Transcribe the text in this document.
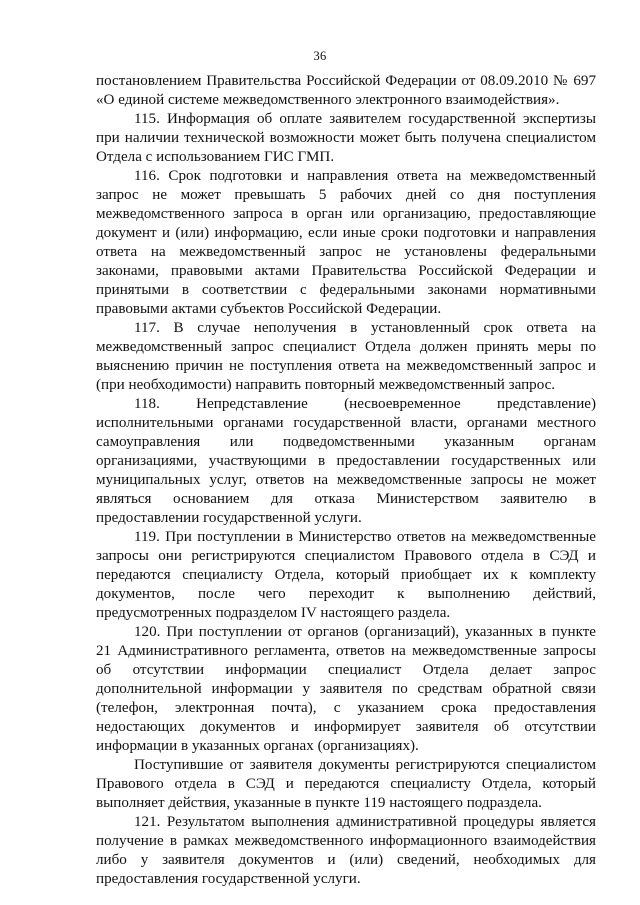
36

постановлением Правительства Российской Федерации от 08.09.2010 № 697 «О единой системе межведомственного электронного взаимодействия».

115. Информация об оплате заявителем государственной экспертизы при наличии технической возможности может быть получена специалистом Отдела с использованием ГИС ГМП.

116. Срок подготовки и направления ответа на межведомственный запрос не может превышать 5 рабочих дней со дня поступления межведомственного запроса в орган или организацию, предоставляющие документ и (или) информацию, если иные сроки подготовки и направления ответа на межведомственный запрос не установлены федеральными законами, правовыми актами Правительства Российской Федерации и принятыми в соответствии с федеральными законами нормативными правовыми актами субъектов Российской Федерации.

117. В случае неполучения в установленный срок ответа на межведомственный запрос специалист Отдела должен принять меры по выяснению причин не поступления ответа на межведомственный запрос и (при необходимости) направить повторный межведомственный запрос.

118. Непредставление (несвоевременное представление) исполнительными органами государственной власти, органами местного самоуправления или подведомственными указанным органам организациями, участвующими в предоставлении государственных или муниципальных услуг, ответов на межведомственные запросы не может являться основанием для отказа Министерством заявителю в предоставлении государственной услуги.

119. При поступлении в Министерство ответов на межведомственные запросы они регистрируются специалистом Правового отдела в СЭД и передаются специалисту Отдела, который приобщает их к комплекту документов, после чего переходит к выполнению действий, предусмотренных подразделом IV настоящего раздела.

120. При поступлении от органов (организаций), указанных в пункте 21 Административного регламента, ответов на межведомственные запросы об отсутствии информации специалист Отдела делает запрос дополнительной информации у заявителя по средствам обратной связи (телефон, электронная почта), с указанием срока предоставления недостающих документов и информирует заявителя об отсутствии информации в указанных органах (организациях).

Поступившие от заявителя документы регистрируются специалистом Правового отдела в СЭД и передаются специалисту Отдела, который выполняет действия, указанные в пункте 119 настоящего подраздела.

121. Результатом выполнения административной процедуры является получение в рамках межведомственного информационного взаимодействия либо у заявителя документов и (или) сведений, необходимых для предоставления государственной услуги.
